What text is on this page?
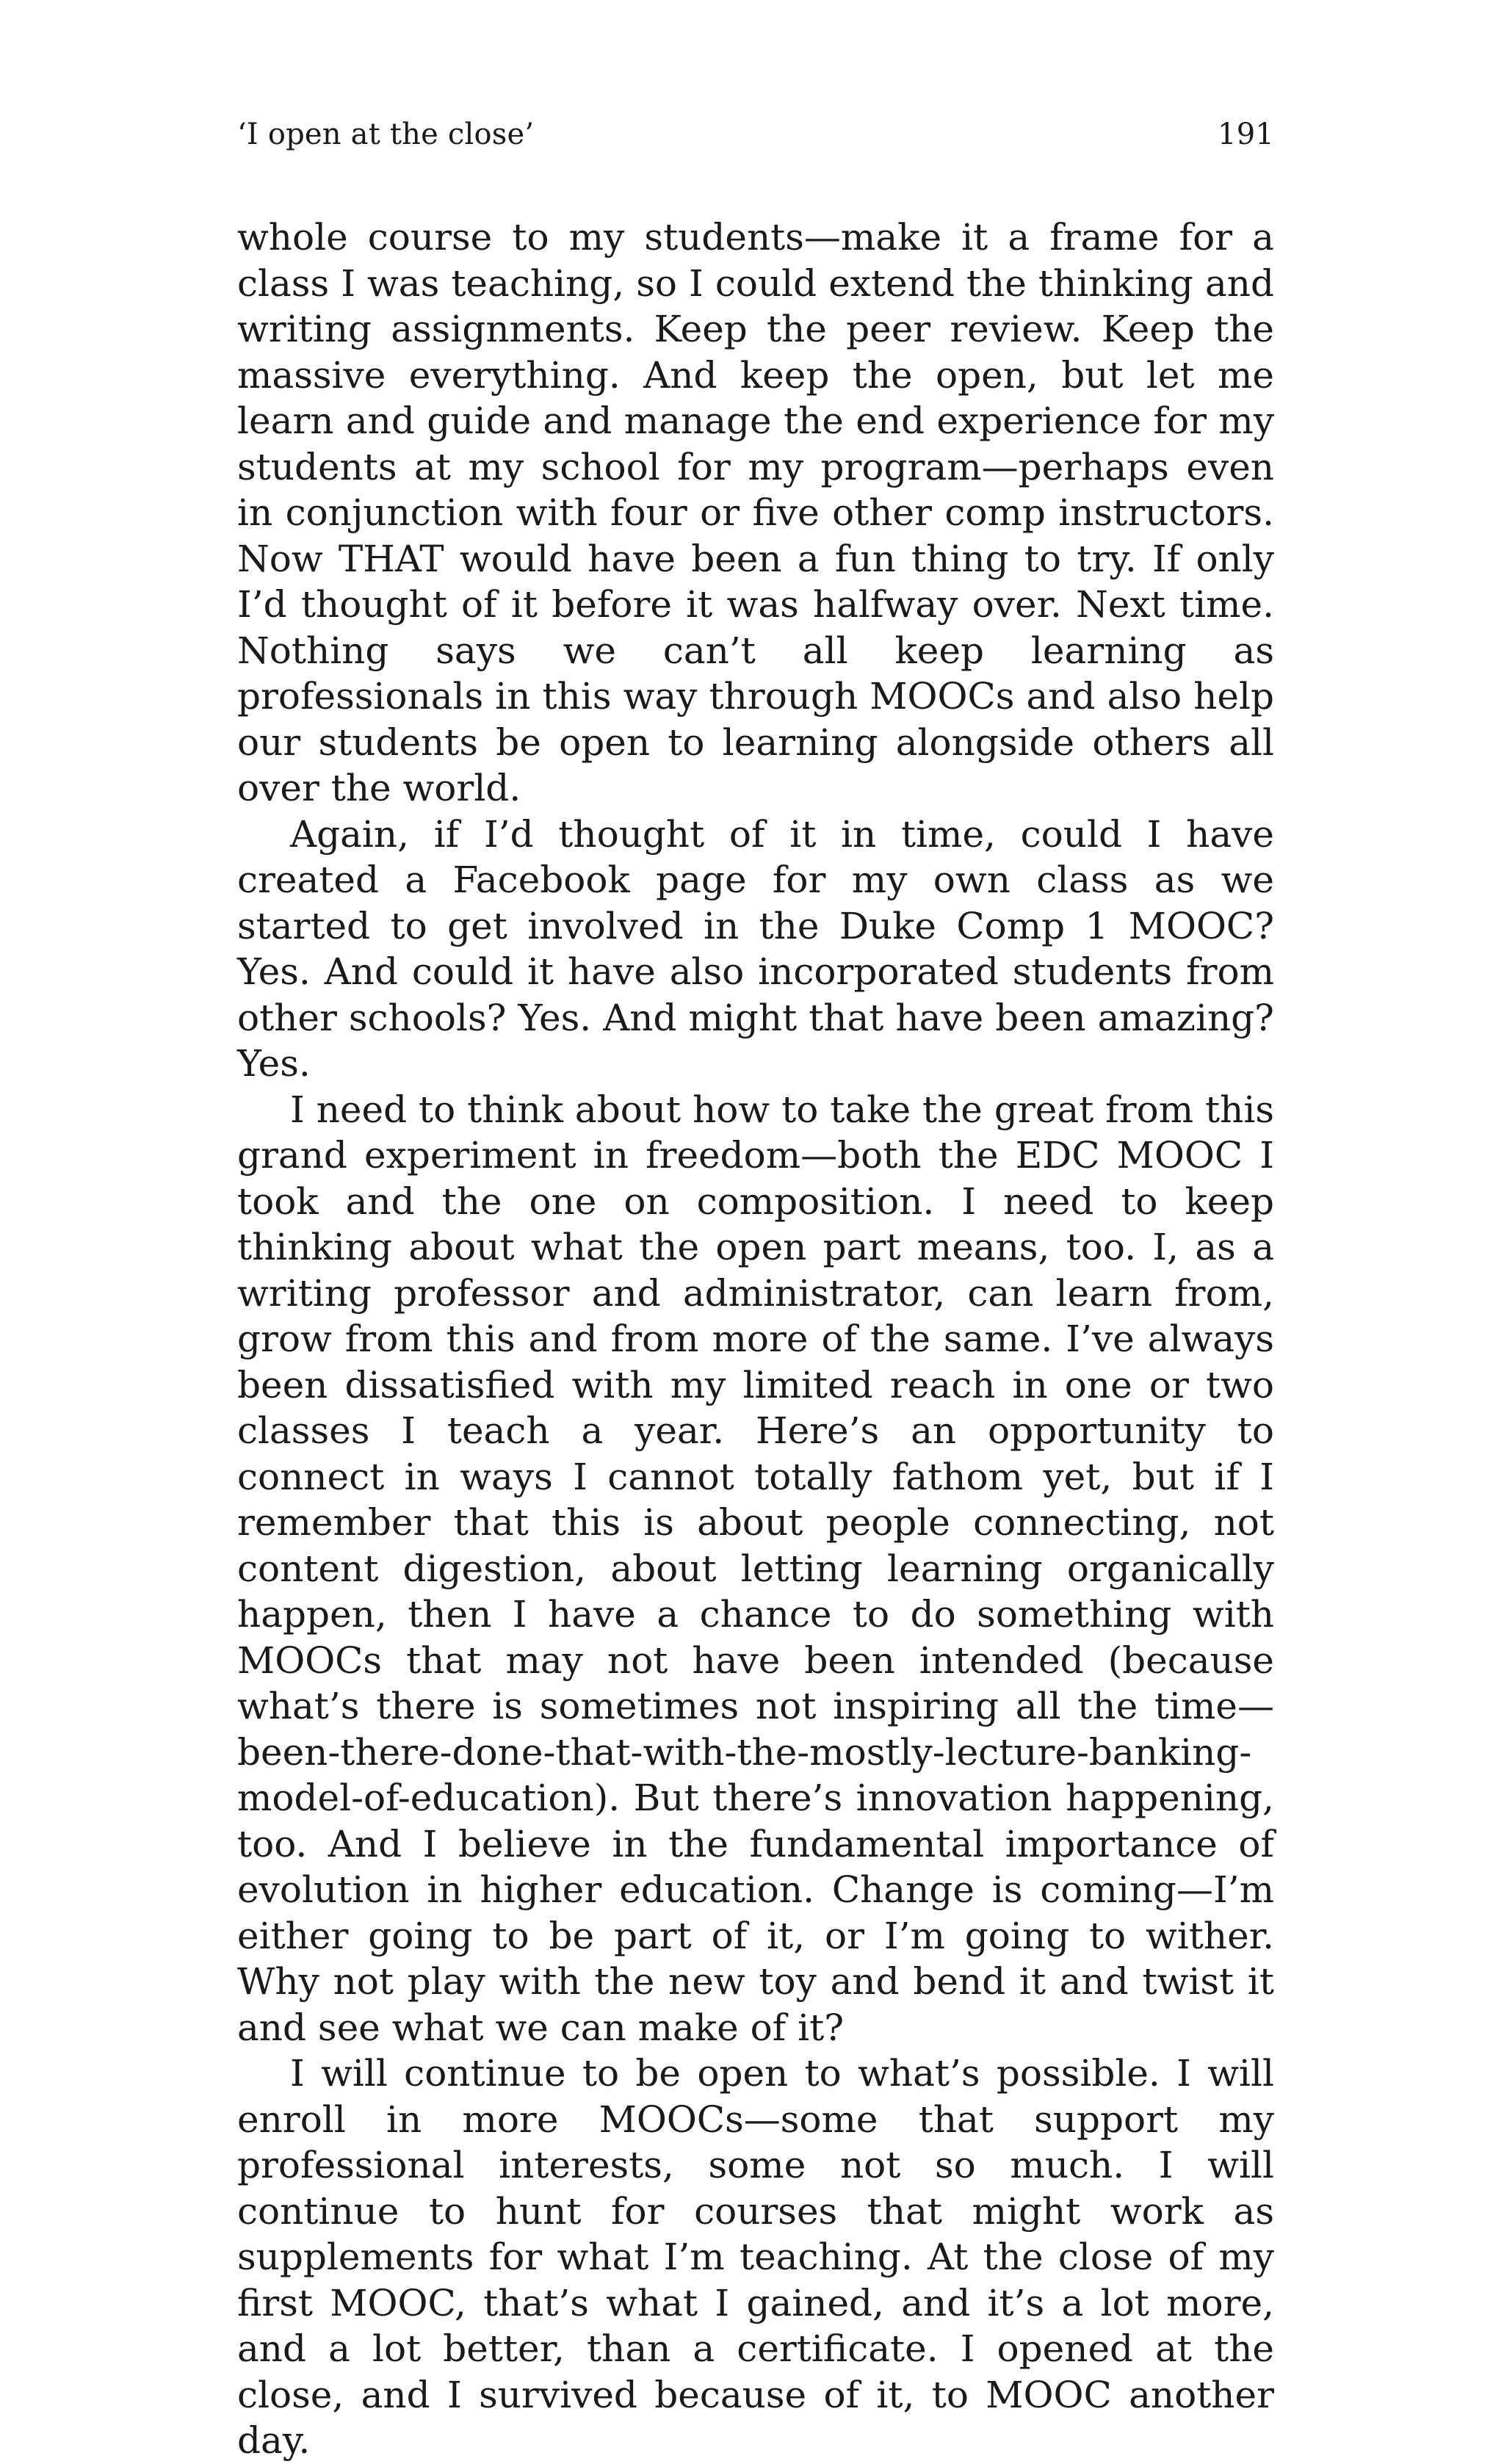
‘I open at the close’	191

whole course to my students—make it a frame for a class I was teaching, so I could extend the thinking and writing assignments. Keep the peer review. Keep the massive everything. And keep the open, but let me learn and guide and manage the end experience for my students at my school for my program—perhaps even in conjunction with four or five other comp instructors. Now THAT would have been a fun thing to try. If only I’d thought of it before it was halfway over. Next time. Nothing says we can’t all keep learning as professionals in this way through MOOCs and also help our students be open to learning alongside others all over the world.

Again, if I’d thought of it in time, could I have created a Facebook page for my own class as we started to get involved in the Duke Comp 1 MOOC? Yes. And could it have also incorporated students from other schools? Yes. And might that have been amazing? Yes.

I need to think about how to take the great from this grand experiment in freedom—both the EDC MOOC I took and the one on composition. I need to keep thinking about what the open part means, too. I, as a writing professor and administrator, can learn from, grow from this and from more of the same. I’ve always been dissatisfied with my limited reach in one or two classes I teach a year. Here’s an opportunity to connect in ways I cannot totally fathom yet, but if I remember that this is about people connecting, not content digestion, about letting learning organically happen, then I have a chance to do something with MOOCs that may not have been intended (because what’s there is sometimes not inspiring all the time—been-there-done-that-with-the-mostly-lecture-banking-model-of-education). But there’s innovation happening, too. And I believe in the fundamental importance of evolution in higher education. Change is coming—I’m either going to be part of it, or I’m going to wither. Why not play with the new toy and bend it and twist it and see what we can make of it?

I will continue to be open to what’s possible. I will enroll in more MOOCs—some that support my professional interests, some not so much. I will continue to hunt for courses that might work as supplements for what I’m teaching. At the close of my first MOOC, that’s what I gained, and it’s a lot more, and a lot better, than a certificate. I opened at the close, and I survived because of it, to MOOC another day.
